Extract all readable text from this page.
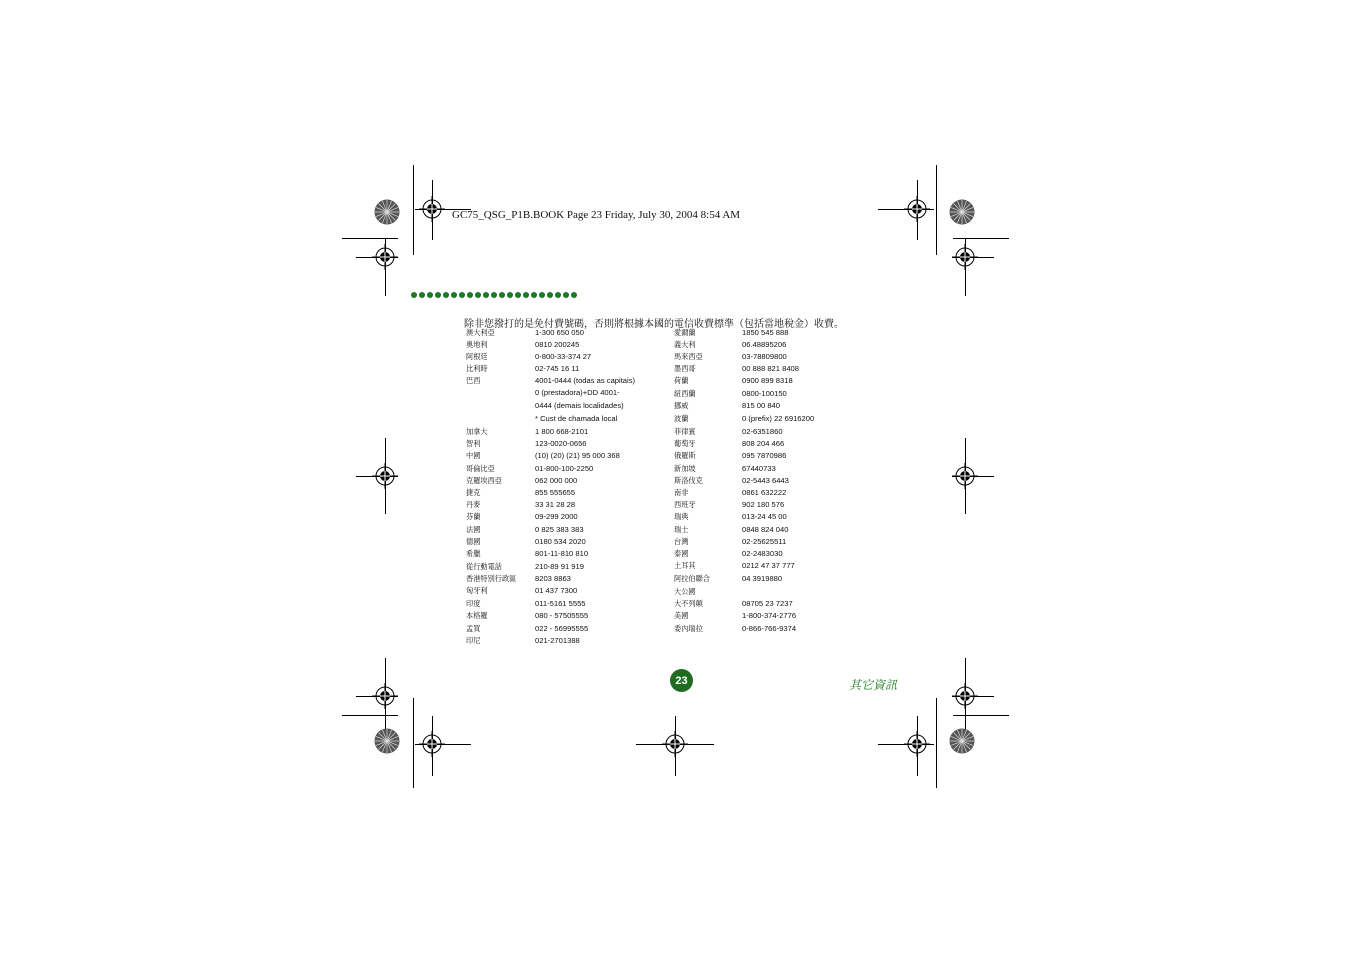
GC75_QSG_P1B.BOOK Page 23 Friday, July 30, 2004 8:54 AM
除非您撥打的是免付費號碼，否則將根據本國的電信收費標準（包括當地稅金）收費。
澳大利亞	1-300 650 050
奧地利	0810 200245
阿根廷	0-800-33-374 27
比利時	02-745 16 11
巴西	4001-0444 (todas as capitais)
0 (prestadora)+DD 4001-
0444 (demais localidades)
* Cust de chamada local
加拿大	1 800 668-2101
智利	123-0020-0656
中國	(10) (20) (21) 95 000 368
哥倫比亞	01-800-100-2250
克羅埃西亞	062 000 000
捷克	855 555655
丹麥	33 31 28 28
芬蘭	09-299 2000
法國	0 825 383 383
德國	0180 534 2020
希臘	801-11-810 810
從行動電話	210-89 91 919
香港特別行政區 8203 8863
匈牙利	01 437 7300
印度	011-5161 5555
本格羅	080 - 57505555
孟買	022 - 56995555
印尼	021-2701388
愛爾蘭	1850 545 888
義大利	06.48895206
馬來西亞	03-78809800
墨西哥	00 888 821 8408
荷蘭	0900 899 8318
紐西蘭	0800-100150
挪威	815 00 840
波蘭	0 (prefix) 22 6916200
菲律賓	02-6351860
葡萄牙	808 204 466
俄羅斯	095 7870986
新加坡	67440733
斯洛伐克	02-5443 6443
南非	0861 632222
西班牙	902 180 576
瑞典	013-24 45 00
瑞士	0848 824 040
台灣	02-25625511
泰國	02-2483030
土耳其	0212 47 37 777
阿拉伯聯合	04 3919880
大公國
大不列顛	08705 23 7237
美國	1-800-374-2776
委內瑞拉	0-866-766-9374
23	其它資訊
